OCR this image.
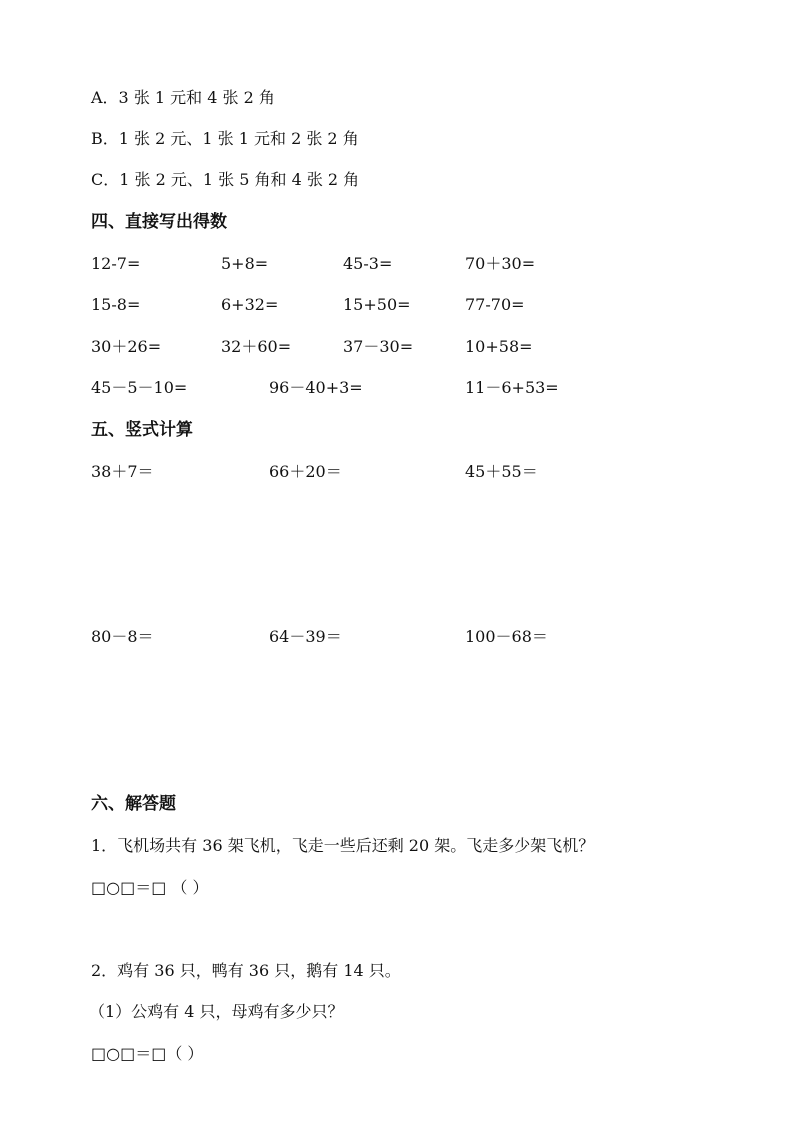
A．3 张 1 元和 4 张 2 角
B．1 张 2 元、1 张 1 元和 2 张 2 角
C．1 张 2 元、1 张 5 角和 4 张 2 角
四、直接写出得数
12-7=	5+8=	45-3=	70＋30=
15-8=	6+32=	15+50=	77-70=
30＋26=	32＋60=	37－30=	10+58=
45－5－10=	96－40+3=	11－6+53=
五、竖式计算
38＋7＝	66＋20＝	45＋55＝
80－8＝	64－39＝	100－68＝
六、解答题
1．飞机场共有 36 架飞机，飞走一些后还剩 20 架。飞走多少架飞机？
□○□＝□ （ ）
2．鸡有 36 只，鸭有 36 只，鹅有 14 只。
（1）公鸡有 4 只，母鸡有多少只？
□○□＝□（ ）
